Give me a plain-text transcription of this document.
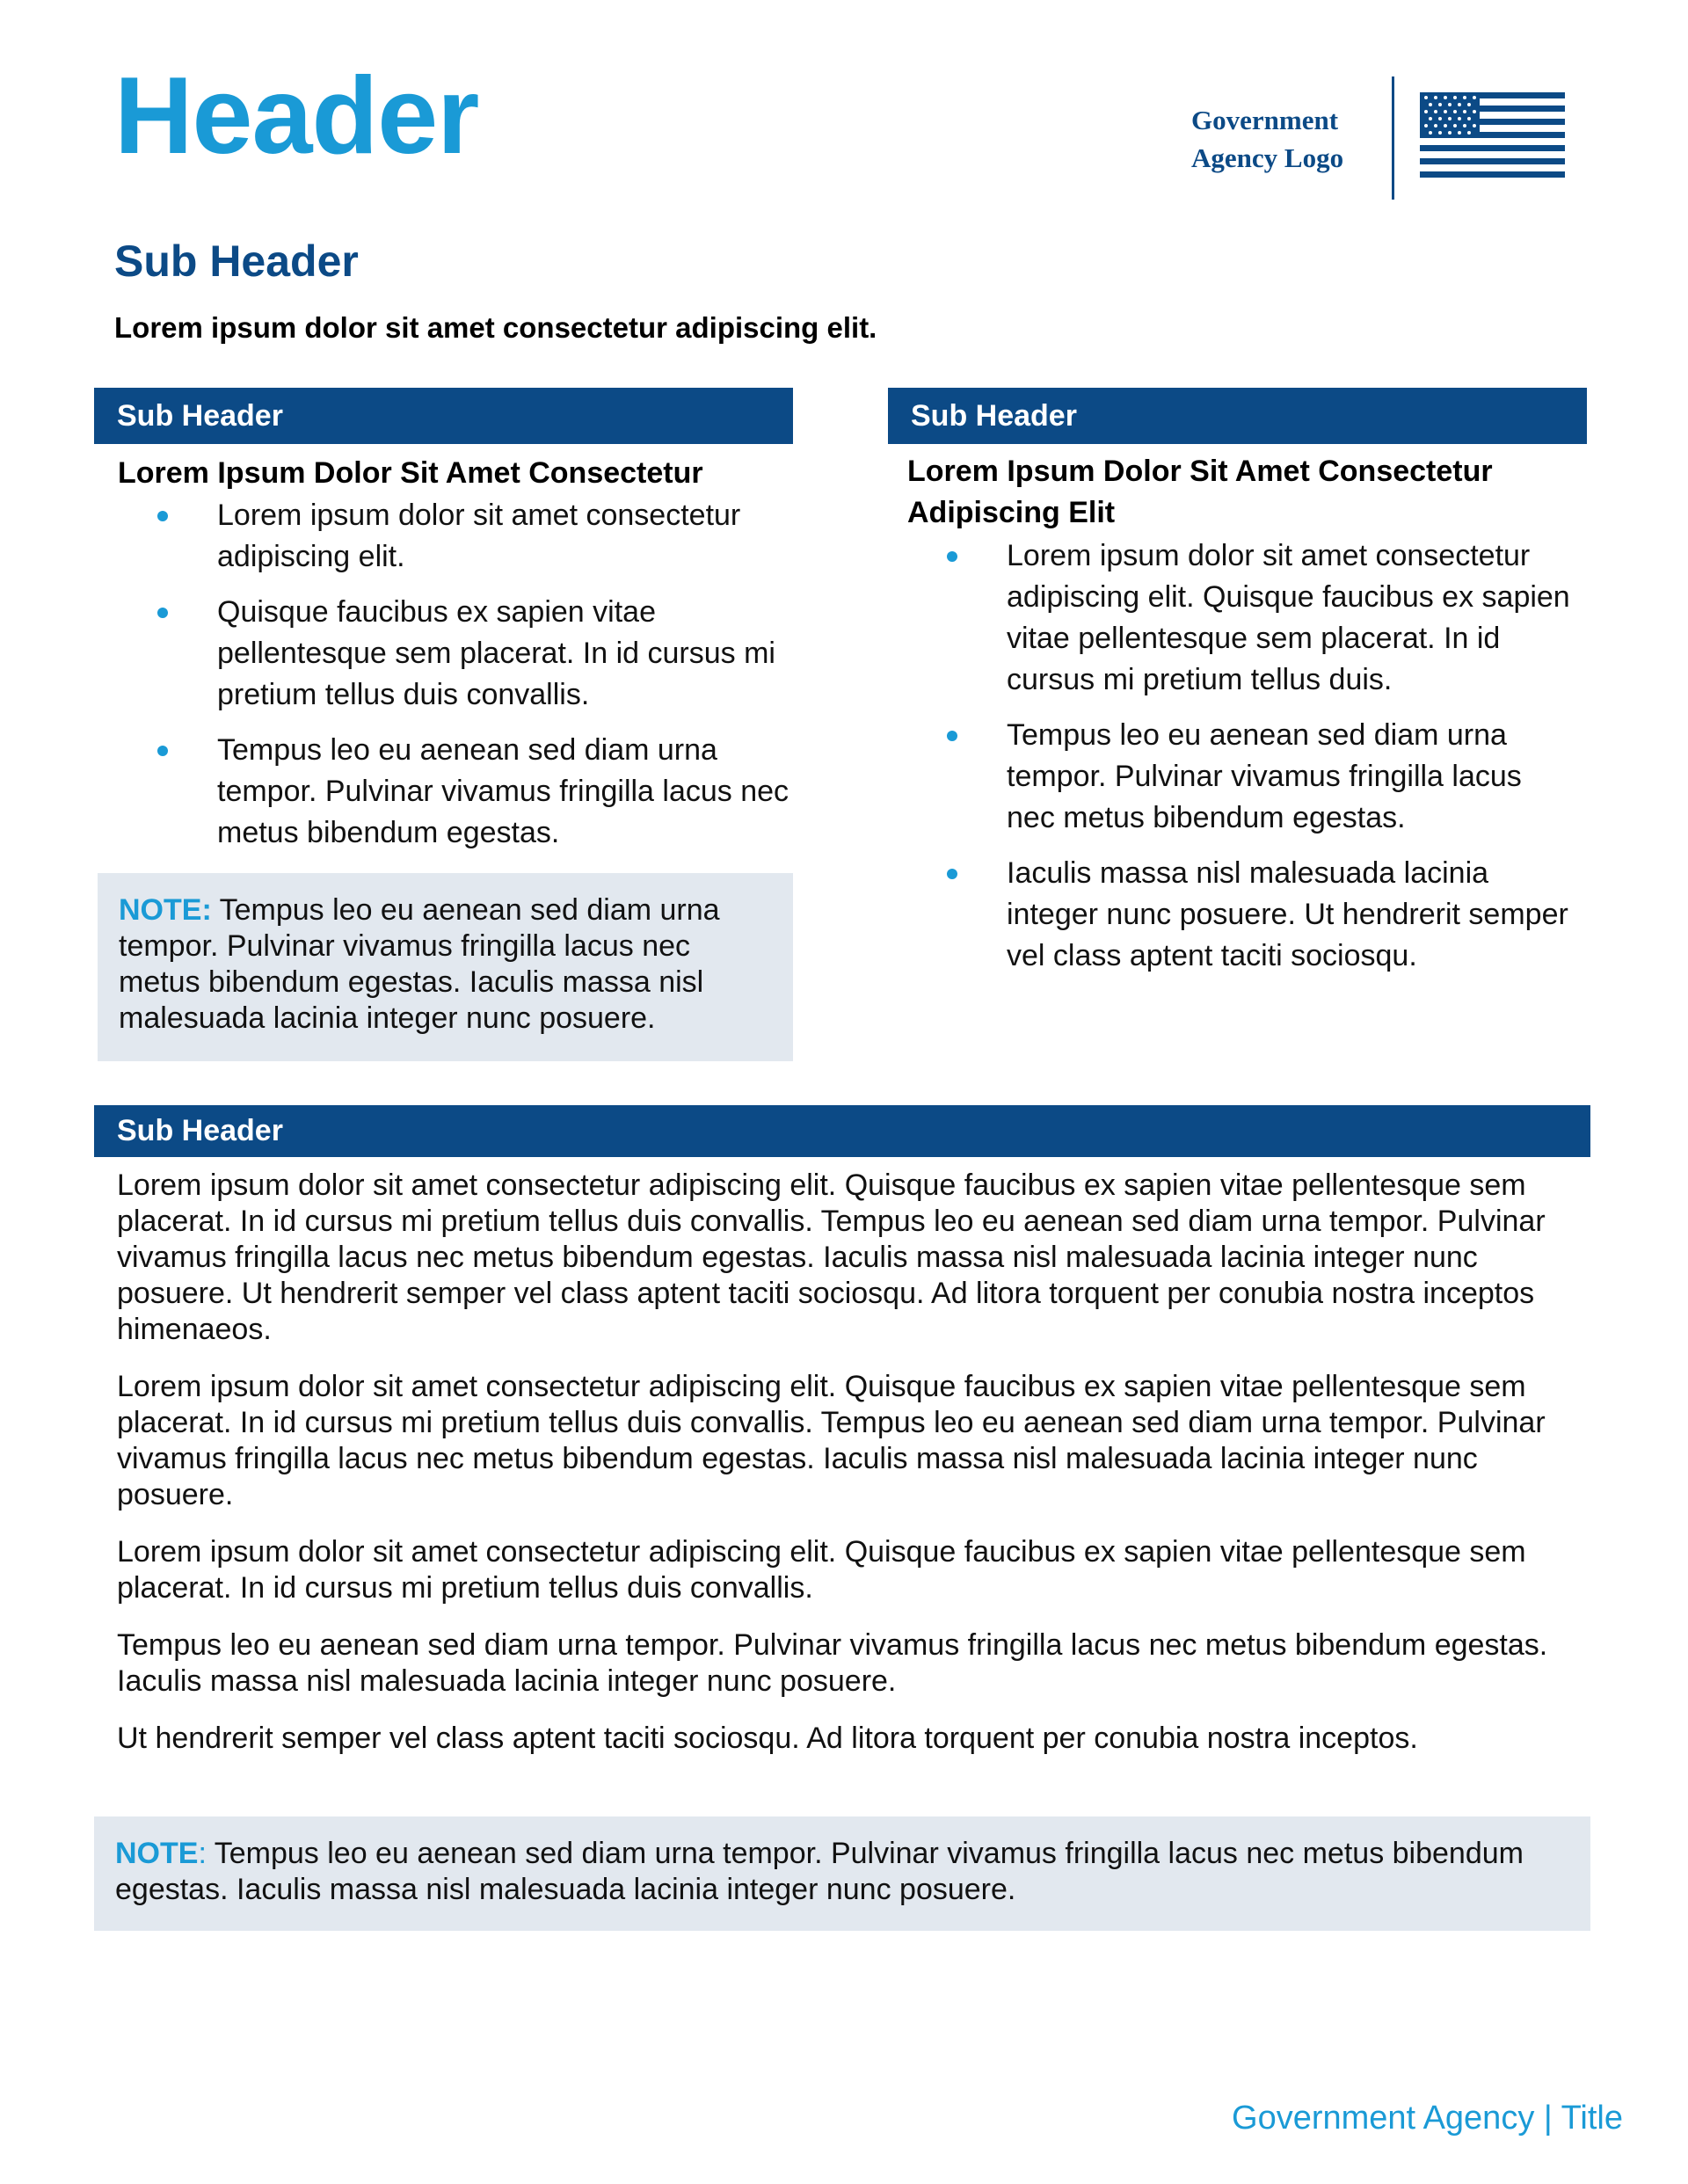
Header	Government
Agency Logo
Sub Header
Lorem ipsum dolor sit amet consectetur adipiscing elit.
Sub Header
Lorem Ipsum Dolor Sit Amet Consectetur
Lorem ipsum dolor sit amet consectetur adipiscing elit.
Quisque faucibus ex sapien vitae pellentesque sem placerat. In id cursus mi pretium tellus duis convallis.
Tempus leo eu aenean sed diam urna tempor. Pulvinar vivamus fringilla lacus nec metus bibendum egestas.
NOTE: Tempus leo eu aenean sed diam urna tempor. Pulvinar vivamus fringilla lacus nec metus bibendum egestas. Iaculis massa nisl malesuada lacinia integer nunc posuere.
Sub Header
Lorem Ipsum Dolor Sit Amet Consectetur Adipiscing Elit
Lorem ipsum dolor sit amet consectetur adipiscing elit. Quisque faucibus ex sapien vitae pellentesque sem placerat. In id cursus mi pretium tellus duis.
Tempus leo eu aenean sed diam urna tempor. Pulvinar vivamus fringilla lacus nec metus bibendum egestas.
Iaculis massa nisl malesuada lacinia integer nunc posuere. Ut hendrerit semper vel class aptent taciti sociosqu.
Sub Header

Lorem ipsum dolor sit amet consectetur adipiscing elit. Quisque faucibus ex sapien vitae pellentesque sem placerat. In id cursus mi pretium tellus duis convallis. Tempus leo eu aenean sed diam urna tempor. Pulvinar vivamus fringilla lacus nec metus bibendum egestas. Iaculis massa nisl malesuada lacinia integer nunc posuere. Ut hendrerit semper vel class aptent taciti sociosqu. Ad litora torquent per conubia nostra inceptos himenaeos.

Lorem ipsum dolor sit amet consectetur adipiscing elit. Quisque faucibus ex sapien vitae pellentesque sem placerat. In id cursus mi pretium tellus duis convallis. Tempus leo eu aenean sed diam urna tempor. Pulvinar vivamus fringilla lacus nec metus bibendum egestas. Iaculis massa nisl malesuada lacinia integer nunc posuere.

Lorem ipsum dolor sit amet consectetur adipiscing elit. Quisque faucibus ex sapien vitae pellentesque sem placerat. In id cursus mi pretium tellus duis convallis.

Tempus leo eu aenean sed diam urna tempor. Pulvinar vivamus fringilla lacus nec metus bibendum egestas. Iaculis massa nisl malesuada lacinia integer nunc posuere.

Ut hendrerit semper vel class aptent taciti sociosqu. Ad litora torquent per conubia nostra inceptos.

NOTE: Tempus leo eu aenean sed diam urna tempor. Pulvinar vivamus fringilla lacus nec metus bibendum egestas. Iaculis massa nisl malesuada lacinia integer nunc posuere.
Government Agency | Title
